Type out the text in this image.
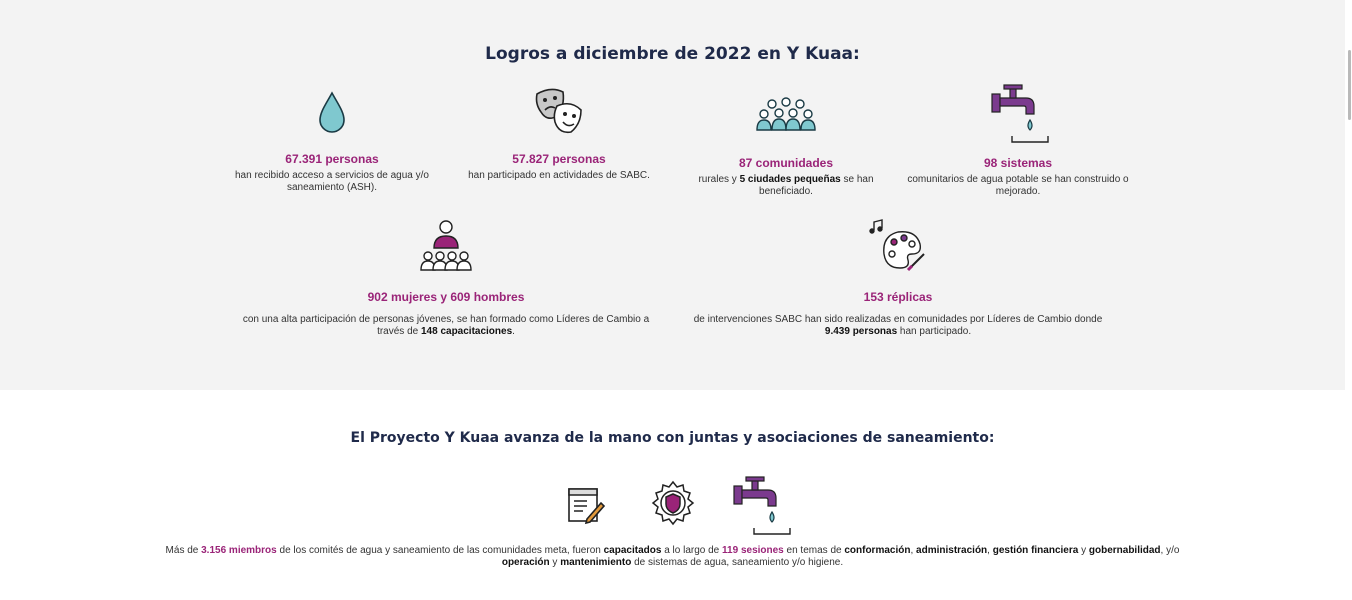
Logros a diciembre de 2022 en Y Kuaa:
67.391 personas
han recibido acceso a servicios de agua y/o saneamiento (ASH).
57.827 personas
han participado en actividades de SABC.
87 comunidades
rurales y 5 ciudades pequeñas se han beneficiado.
98 sistemas
comunitarios de agua potable se han construido o mejorado.
902 mujeres y 609 hombres
con una alta participación de personas jóvenes, se han formado como Líderes de Cambio a través de 148 capacitaciones.
153 réplicas
de intervenciones SABC han sido realizadas en comunidades por Líderes de Cambio donde 9.439 personas han participado.
El Proyecto Y Kuaa avanza de la mano con juntas y asociaciones de saneamiento:

Más de 3.156 miembros de los comités de agua y saneamiento de las comunidades meta, fueron capacitados a lo largo de 119 sesiones en temas de conformación, administración, gestión financiera y gobernabilidad, y/o operación y mantenimiento de sistemas de agua, saneamiento y/o higiene.
